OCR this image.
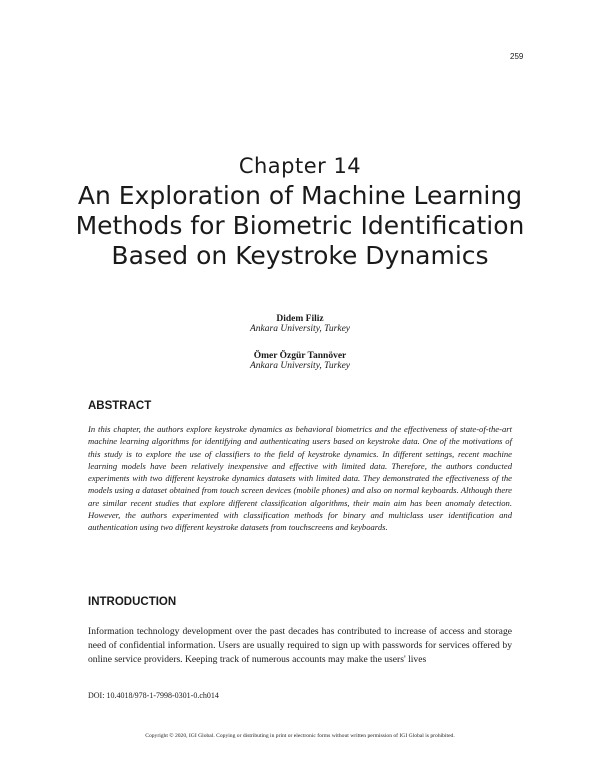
259
Chapter 14
An Exploration of Machine Learning Methods for Biometric Identification Based on Keystroke Dynamics
Didem Filiz
Ankara University, Turkey
Ömer Özgür Tannöver
Ankara University, Turkey
ABSTRACT
In this chapter, the authors explore keystroke dynamics as behavioral biometrics and the effectiveness of state-of-the-art machine learning algorithms for identifying and authenticating users based on keystroke data. One of the motivations of this study is to explore the use of classifiers to the field of keystroke dynamics. In different settings, recent machine learning models have been relatively inexpensive and effective with limited data. Therefore, the authors conducted experiments with two different keystroke dynamics datasets with limited data. They demonstrated the effectiveness of the models using a dataset obtained from touch screen devices (mobile phones) and also on normal keyboards. Although there are similar recent studies that explore different classification algorithms, their main aim has been anomaly detection. However, the authors experimented with classification methods for binary and multiclass user identification and authentication using two different keystroke datasets from touchscreens and keyboards.
INTRODUCTION
Information technology development over the past decades has contributed to increase of access and storage need of confidential information. Users are usually required to sign up with passwords for services offered by online service providers. Keeping track of numerous accounts may make the users' lives
DOI: 10.4018/978-1-7998-0301-0.ch014
Copyright © 2020, IGI Global. Copying or distributing in print or electronic forms without written permission of IGI Global is prohibited.
